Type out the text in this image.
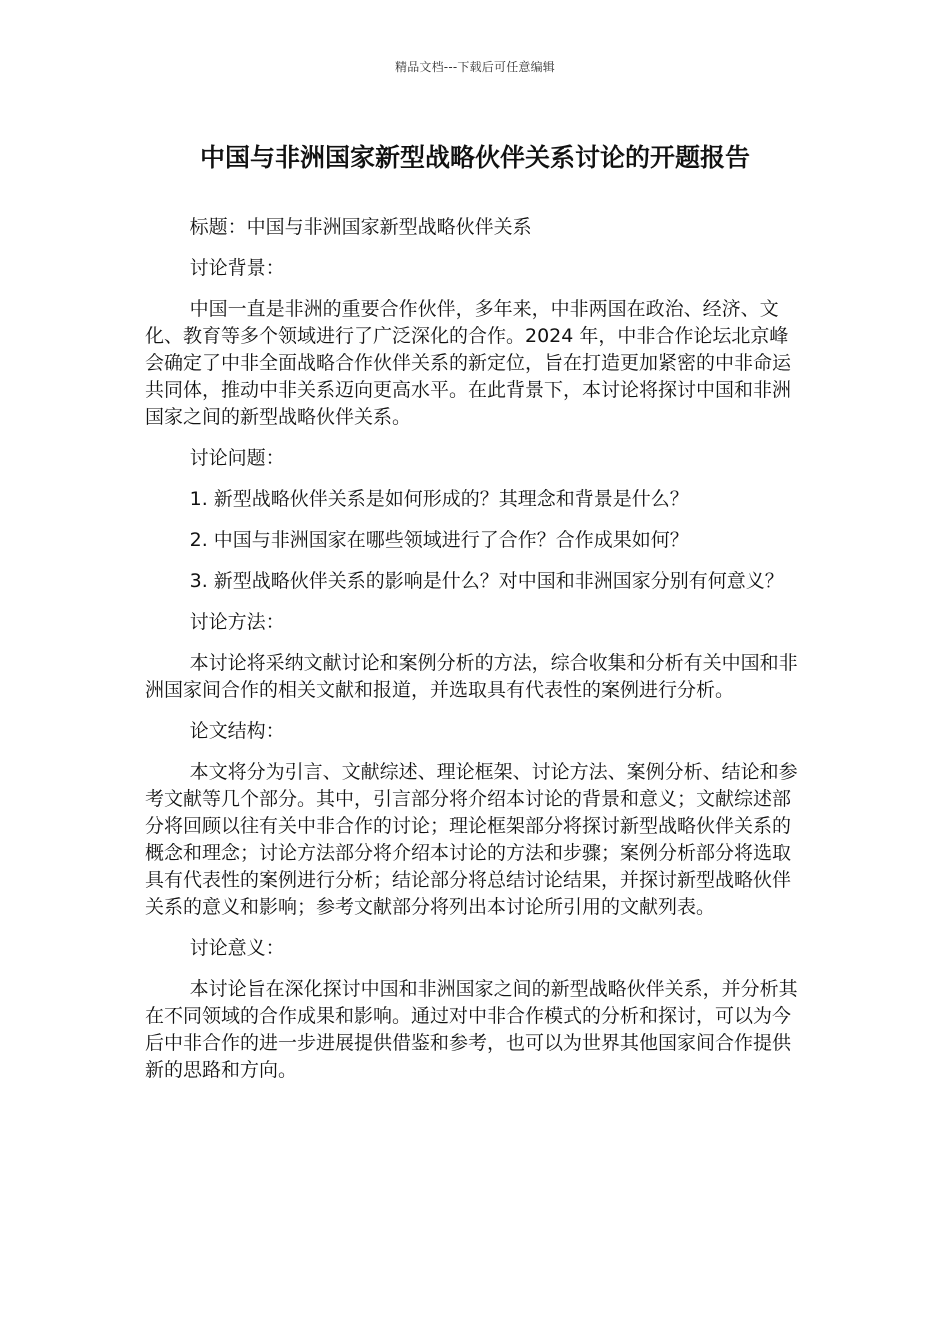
精品文档---下载后可任意编辑
中国与非洲国家新型战略伙伴关系讨论的开题报告

标题：中国与非洲国家新型战略伙伴关系

讨论背景：

中国一直是非洲的重要合作伙伴，多年来，中非两国在政治、经济、文化、教育等多个领域进行了广泛深化的合作。2024 年，中非合作论坛北京峰会确定了中非全面战略合作伙伴关系的新定位，旨在打造更加紧密的中非命运共同体，推动中非关系迈向更高水平。在此背景下，本讨论将探讨中国和非洲国家之间的新型战略伙伴关系。

讨论问题：

1. 新型战略伙伴关系是如何形成的？其理念和背景是什么？

2. 中国与非洲国家在哪些领域进行了合作？合作成果如何？

3. 新型战略伙伴关系的影响是什么？对中国和非洲国家分别有何意义？

讨论方法：

本讨论将采纳文献讨论和案例分析的方法，综合收集和分析有关中国和非洲国家间合作的相关文献和报道，并选取具有代表性的案例进行分析。

论文结构：

本文将分为引言、文献综述、理论框架、讨论方法、案例分析、结论和参考文献等几个部分。其中，引言部分将介绍本讨论的背景和意义；文献综述部分将回顾以往有关中非合作的讨论；理论框架部分将探讨新型战略伙伴关系的概念和理念；讨论方法部分将介绍本讨论的方法和步骤；案例分析部分将选取具有代表性的案例进行分析；结论部分将总结讨论结果，并探讨新型战略伙伴关系的意义和影响；参考文献部分将列出本讨论所引用的文献列表。

讨论意义：

本讨论旨在深化探讨中国和非洲国家之间的新型战略伙伴关系，并分析其在不同领域的合作成果和影响。通过对中非合作模式的分析和探讨，可以为今后中非合作的进一步进展提供借鉴和参考，也可以为世界其他国家间合作提供新的思路和方向。
